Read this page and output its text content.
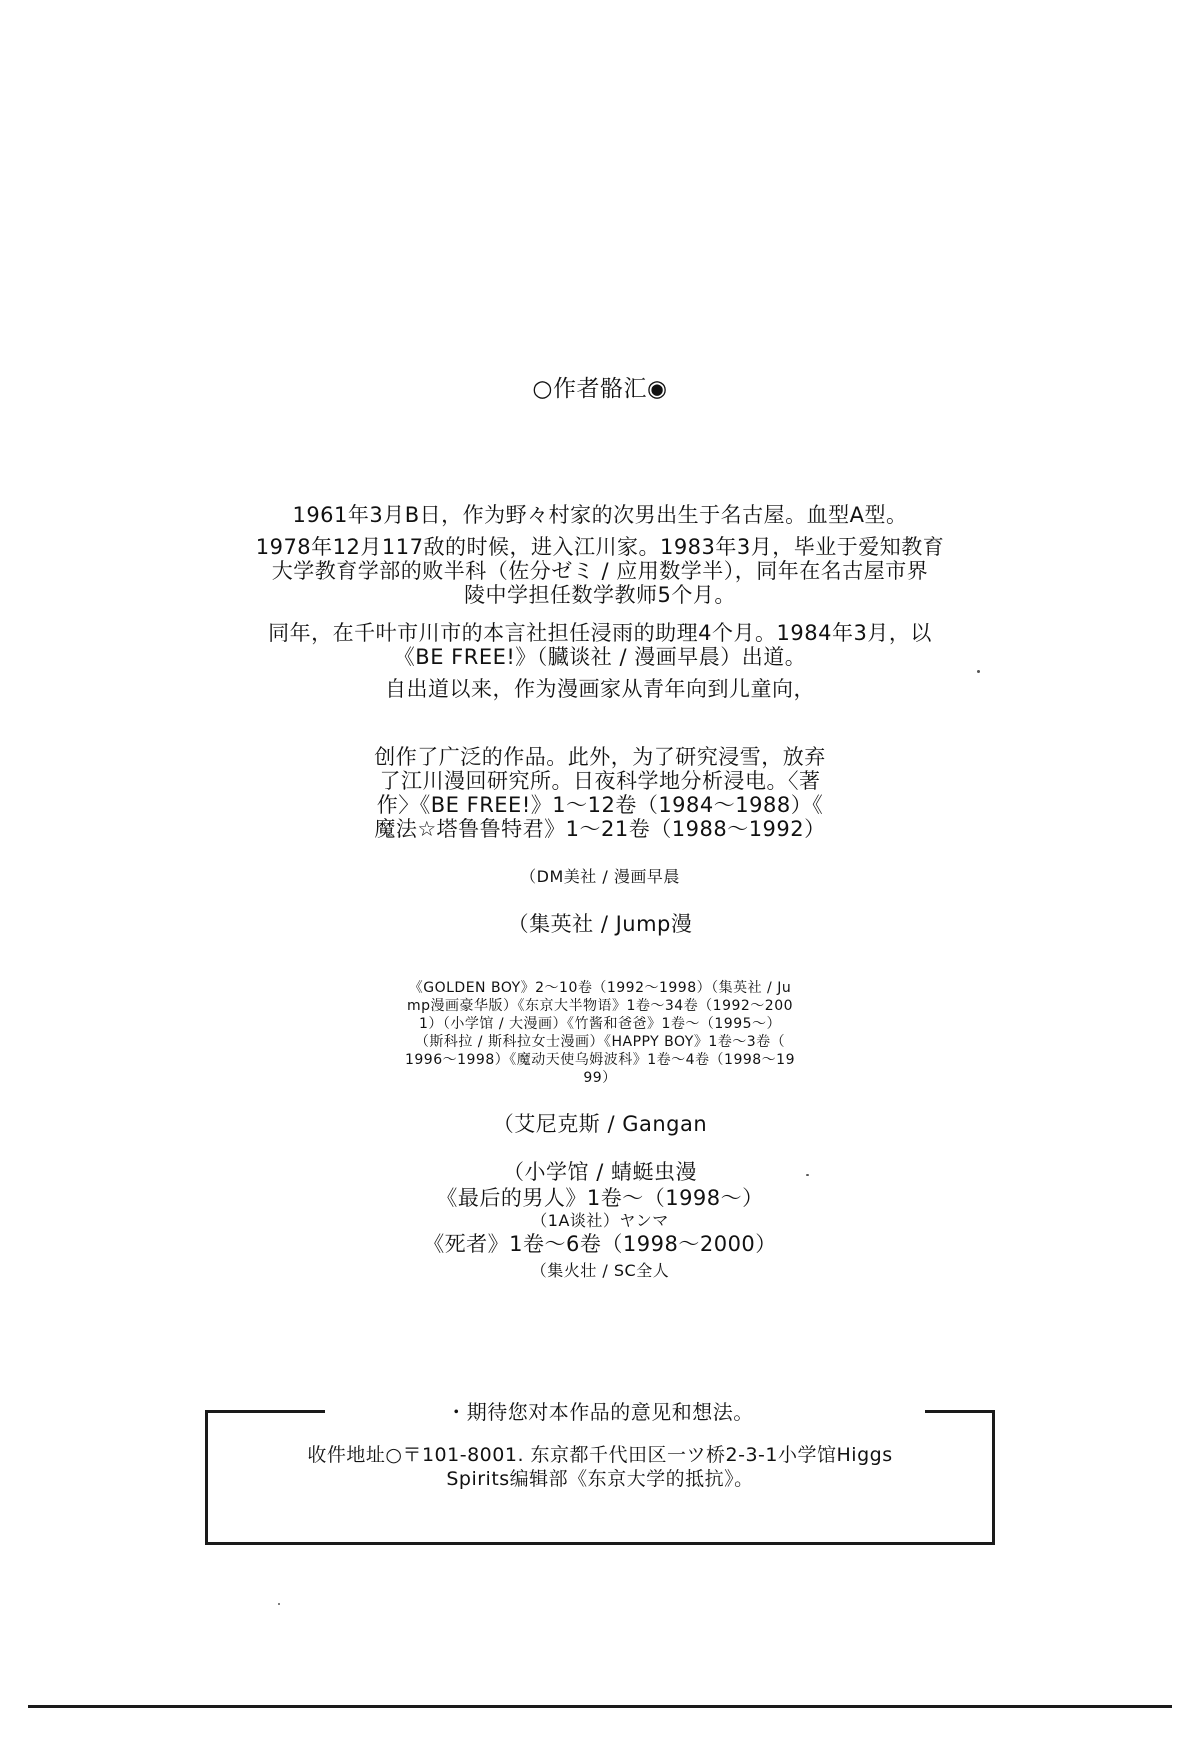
○作者骼汇◉
1961年3月B日，作为野々村家的次男出生于名古屋。血型A型。
1978年12月117敌的时候，进入江川家。1983年3月，毕业于爱知教育
大学教育学部的败半科（佐分ゼミ / 应用数学半），同年在名古屋市界
陵中学担任数学教师5个月。
同年，在千叶市川市的本言社担任浸雨的助理4个月。1984年3月，以
《BE FREE!》（臓谈社 / 漫画早晨）出道。
自出道以来，作为漫画家从青年向到儿童向，
创作了广泛的作品。此外，为了研究浸雪，放弃
了江川漫回研究所。日夜科学地分析浸电。〈著
作〉《BE FREE!》1～12卷（1984～1988）《
魔法☆塔鲁鲁特君》1～21卷（1988～1992）
（DM美社 / 漫画早晨
（集英社 / Jump漫
《GOLDEN BOY》2～10卷（1992～1998）（集英社 / Ju
mp漫画豪华版）《东京大半物语》1卷～34卷（1992～200
1）（小学馆 / 大漫画）《竹酱和爸爸》1卷～（1995～）
（斯科拉 / 斯科拉女士漫画）《HAPPY BOY》1卷～3卷（
1996～1998）《魔动天使乌姆波科》1卷～4卷（1998～19
99）
（艾尼克斯 / Gangan
（小学馆 / 蜻蜓虫漫
《最后的男人》1卷～（1998～）
（1A谈社）ヤンマ
《死者》1卷～6卷（1998～2000）
（集火壮 / SC全人
・期待您对本作品的意见和想法。
收件地址○〒101-8001. 东京都千代田区一ツ桥2-3-1小学馆Higgs
Spirits编辑部《东京大学的抵抗》。
